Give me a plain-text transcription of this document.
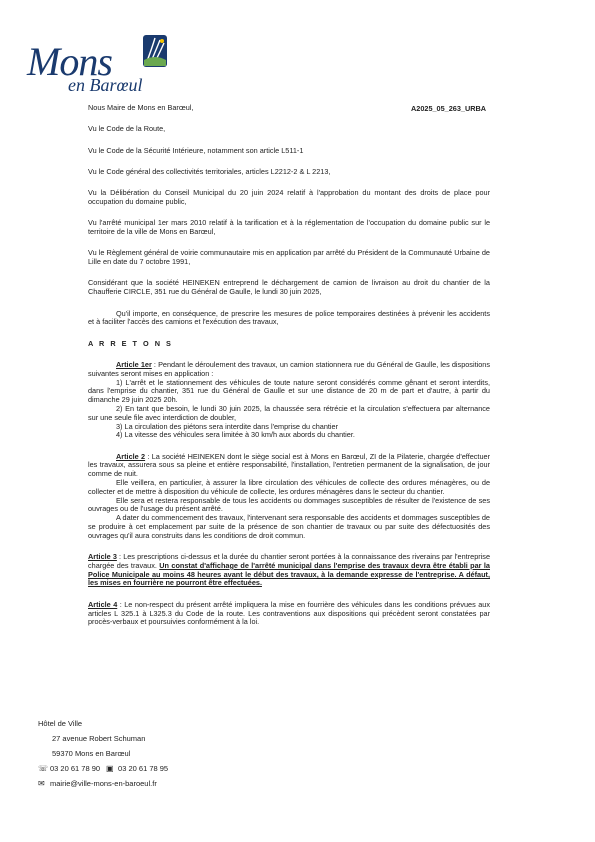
Mons
en Barœul
A2025_05_263_URBA

Nous Maire de Mons en Barœul,

Vu le Code de la Route,

Vu le Code de la Sécurité Intérieure, notamment son article L511-1

Vu le Code général des collectivités territoriales, articles L2212-2 & L 2213,

Vu la Délibération du Conseil Municipal du 20 juin 2024 relatif à l'approbation du montant des droits de place pour occupation du domaine public,

Vu l'arrêté municipal 1er mars 2010 relatif à la tarification et à la réglementation de l'occupation du domaine public sur le territoire de la ville de Mons en Barœul,

Vu le Règlement général de voirie communautaire mis en application par arrêté du Président de la Communauté Urbaine de Lille en date du 7 octobre 1991,

Considérant que la société HEINEKEN entreprend le déchargement de camion de livraison au droit du chantier de la Chaufferie CIRCLE, 351 rue du Général de Gaulle, le lundi 30 juin 2025,

Qu'il importe, en conséquence, de prescrire les mesures de police temporaires destinées à prévenir les accidents et à faciliter l'accès des camions et l'exécution des travaux,

A R R E T O N S

Article 1er : Pendant le déroulement des travaux, un camion stationnera rue du Général de Gaulle, les dispositions suivantes seront mises en application :
1) L'arrêt et le stationnement des véhicules de toute nature seront considérés comme gênant et seront interdits, dans l'emprise du chantier, 351 rue du Général de Gaulle et sur une distance de 20 m de part et d'autre, à partir du dimanche 29 juin 2025 20h.
2) En tant que besoin, le lundi 30 juin 2025, la chaussée sera rétrécie et la circulation s'effectuera par alternance sur une seule file avec interdiction de doubler,
3) La circulation des piétons sera interdite dans l'emprise du chantier
4) La vitesse des véhicules sera limitée à 30 km/h aux abords du chantier.

Article 2 : La société HEINEKEN dont le siège social est à Mons en Barœul, ZI de la Pilaterie, chargée d'effectuer les travaux, assurera sous sa pleine et entière responsabilité, l'installation, l'entretien permanent de la signalisation, de jour comme de nuit.
Elle veillera, en particulier, à assurer la libre circulation des véhicules de collecte des ordures ménagères, ou de collecter et de mettre à disposition du véhicule de collecte, les ordures ménagères dans le secteur du chantier.
Elle sera et restera responsable de tous les accidents ou dommages susceptibles de résulter de l'existence de ses ouvrages ou de l'usage du présent arrêté.
A dater du commencement des travaux, l'intervenant sera responsable des accidents et dommages susceptibles de se produire à cet emplacement par suite de la présence de son chantier de travaux ou par suite des défectuosités des ouvrages qu'il aura construits dans les conditions de droit commun.

Article 3 : Les prescriptions ci-dessus et la durée du chantier seront portées à la connaissance des riverains par l'entreprise chargée des travaux. Un constat d'affichage de l'arrêté municipal dans l'emprise des travaux devra être établi par la Police Municipale au moins 48 heures avant le début des travaux, à la demande expresse de l'entreprise. A défaut, les mises en fourrière ne pourront être effectuées.

Article 4 : Le non-respect du présent arrêté impliquera la mise en fourrière des véhicules dans les conditions prévues aux articles L 325.1 à L325.3 du Code de la route. Les contraventions aux dispositions qui précèdent seront constatées par procès-verbaux et poursuivies conformément à la loi.

Hôtel de Ville
27 avenue Robert Schuman
59370 Mons en Barœul
☏ 03 20 61 78 90 ▣ 03 20 61 78 95
✉ mairie@ville-mons-en-baroeul.fr
